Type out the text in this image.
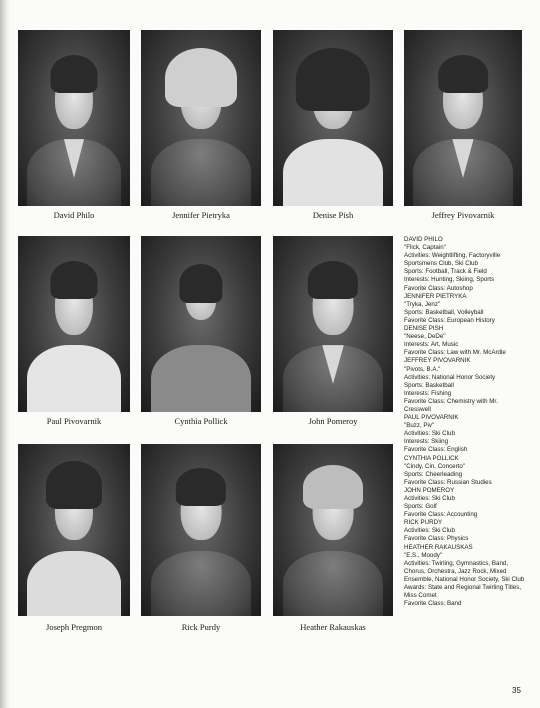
David Philo	Jennifer Pietryka	Denise Pish	Jeffrey Pivovarnik
Paul Pivovarnik	Cynthia Pollick	John Pomeroy
Joseph Pregmon	Rick Purdy	Heather Rakauskas
DAVID PHILO
"Flick, Captain"
Activities: Weightlifting, Factoryville Sportsmens Club, Ski Club
Sports: Football, Track & Field
Interests: Hunting, Skiing, Sports
Favorite Class: Autoshop
JENNIFER PIETRYKA
"Tryka, Jenz"
Sports: Basketball, Volleyball
Favorite Class: European History
DENISE PISH
"Neese, DeDe"
Interests: Art, Music
Favorite Class: Law with Mr. McArdle
JEFFREY PIVOVARNIK
"Pivots, B.A."
Activities: National Honor Society
Sports: Basketball
Interests: Fishing
Favorite Class: Chemistry with Mr. Cresswell
PAUL PIVOVARNIK
"Buzz, Piv"
Activities: Ski Club
Interests: Skiing
Favorite Class: English
CYNTHIA POLLICK
"Cindy, Cin, Concerto"
Sports: Cheerleading
Favorite Class: Russian Studies
JOHN POMEROY
Activities: Ski Club
Sports: Golf
Favorite Class: Accounting
RICK PURDY
Activities: Ski Club
Favorite Class: Physics
HEATHER RAKAUSKAS
"E.S., Moody"
Activities: Twirling, Gymnastics, Band, Chorus, Orchestra, Jazz Rock, Mixed Ensemble, National Honor Society, Ski Club
Awards: State and Regional Twirling Titles, Miss Comet
Favorite Class: Band
35
